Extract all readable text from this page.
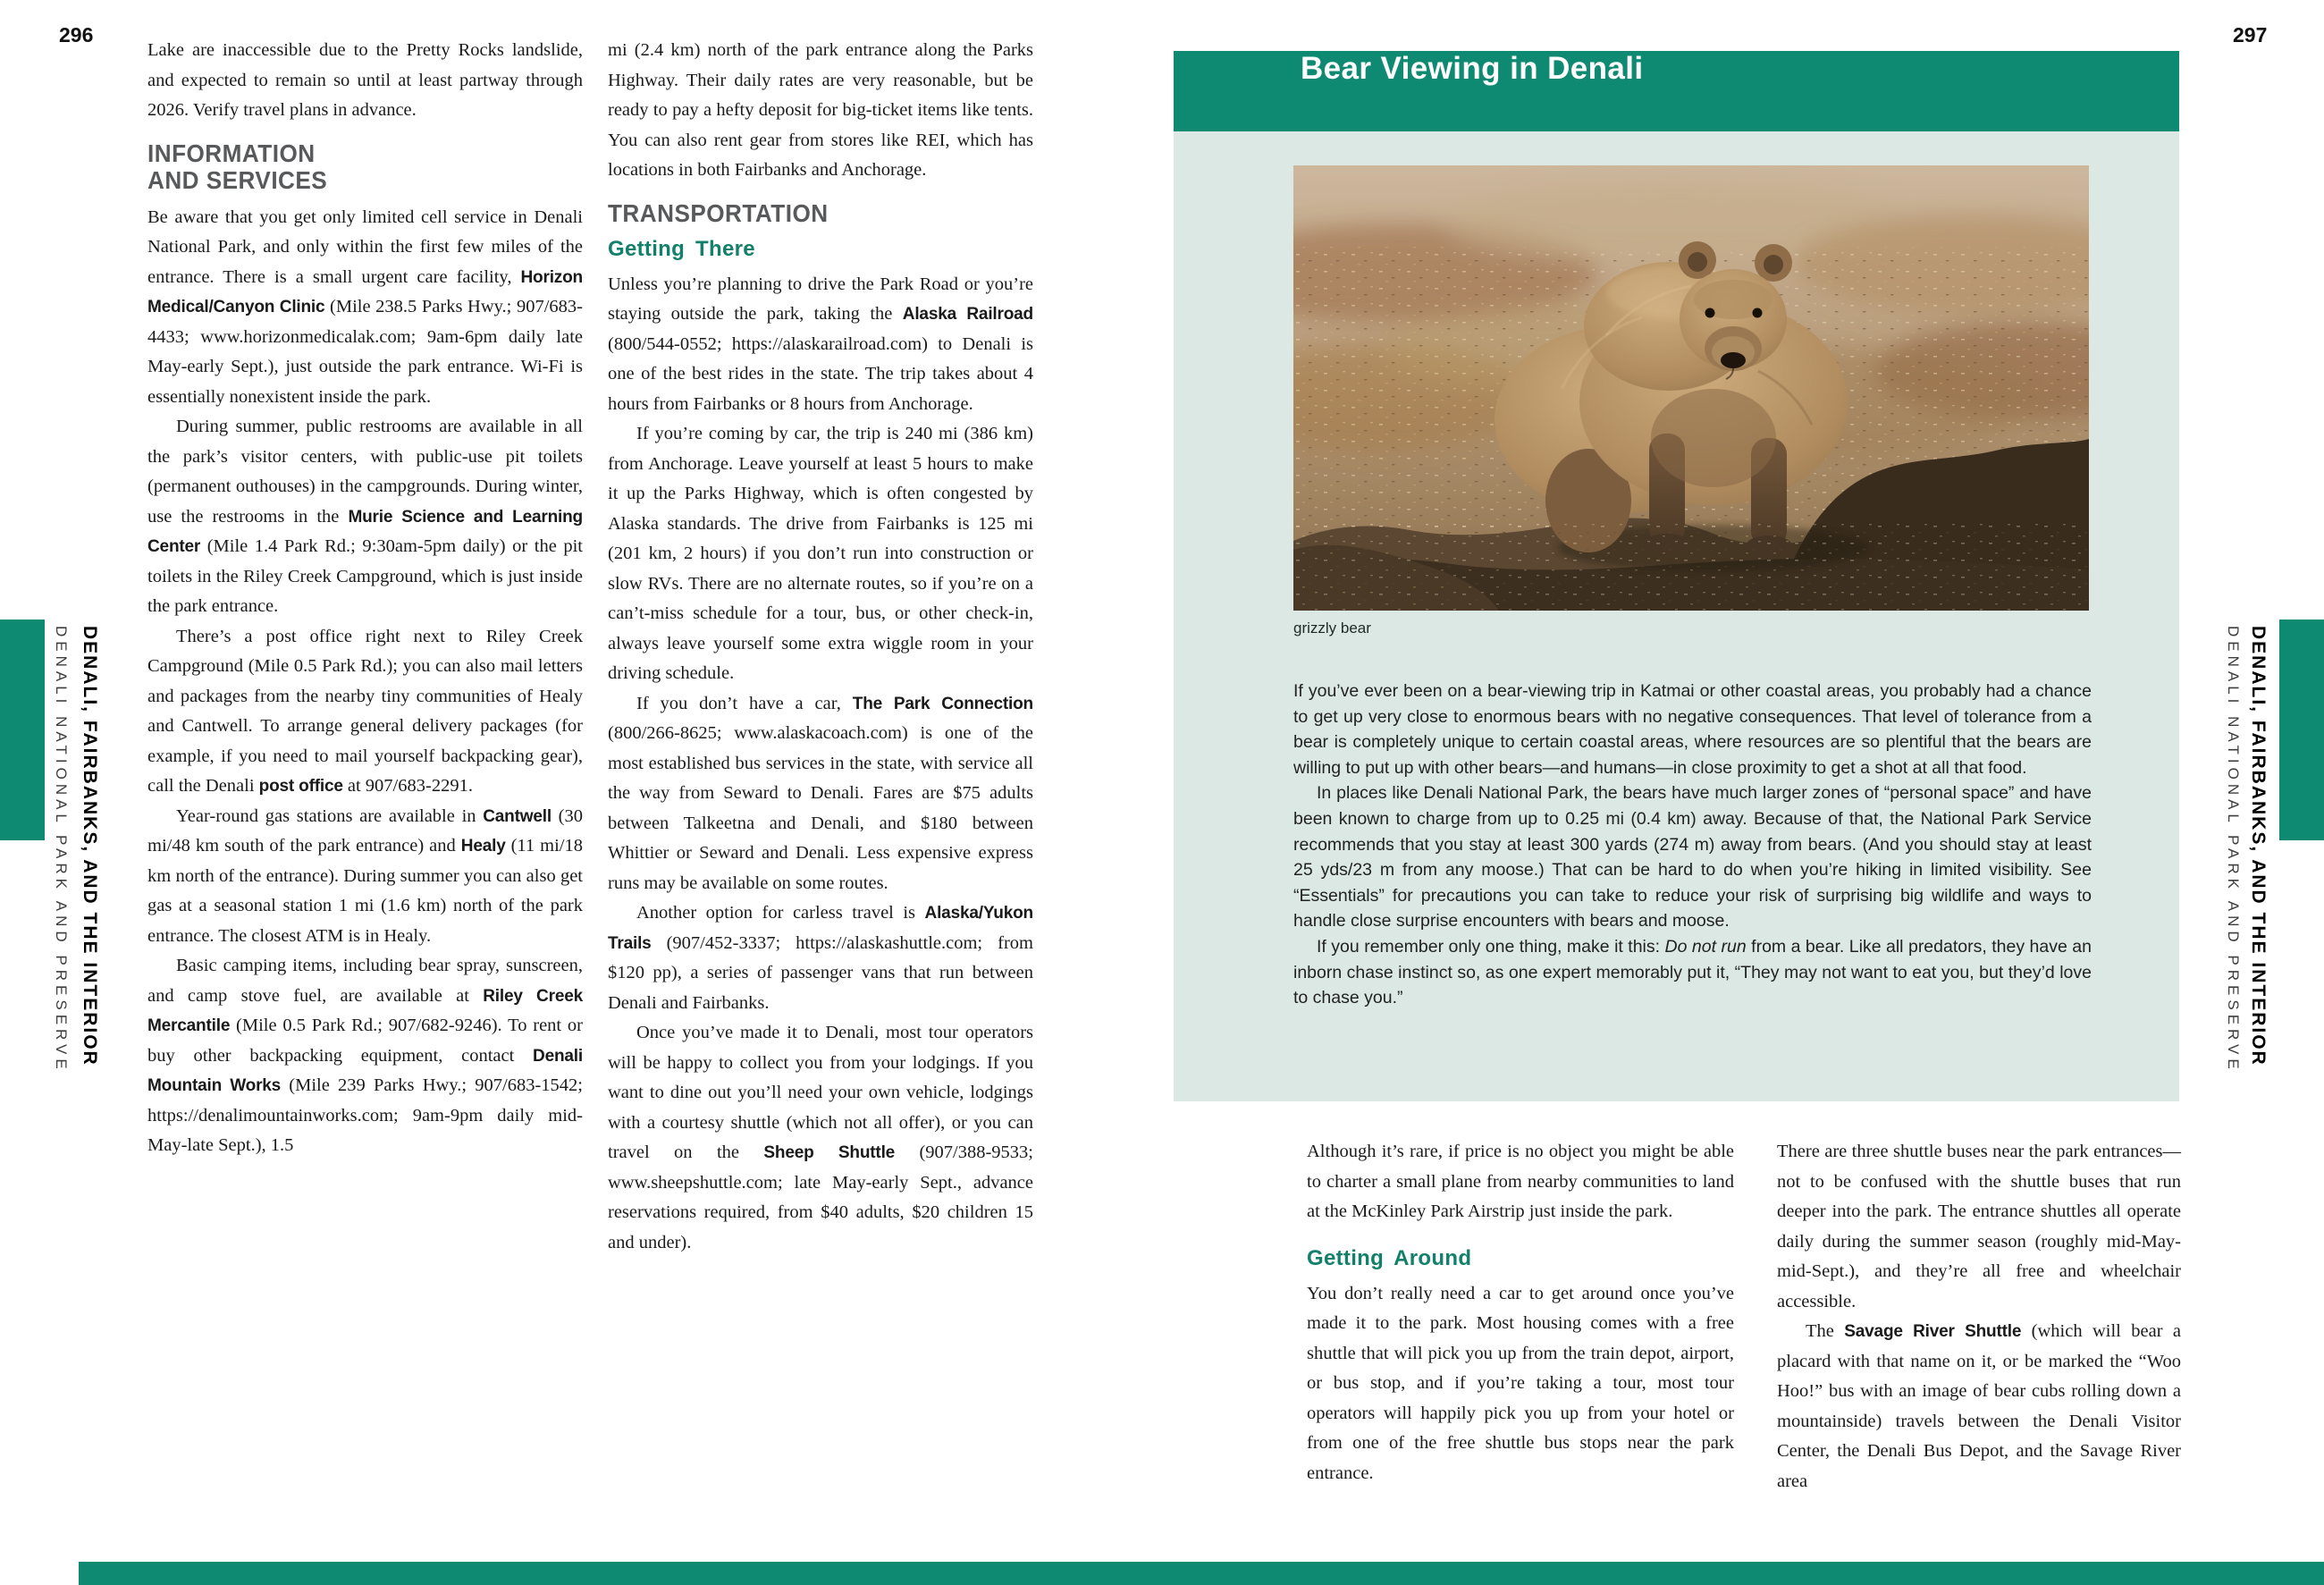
296	297
DENALI NATIONAL PARK AND PRESERVE DENALI, FAIRBANKS, AND THE INTERIOR	DENALI NATIONAL PARK AND PRESERVE DENALI, FAIRBANKS, AND THE INTERIOR

Lake are inaccessible due to the Pretty Rocks landslide, and expected to remain so until at least partway through 2026. Verify travel plans in advance.

INFORMATION
AND SERVICES

Be aware that you get only limited cell service in Denali National Park, and only within the first few miles of the entrance. There is a small urgent care facility, Horizon Medical/Canyon Clinic (Mile 238.5 Parks Hwy.; 907/683-4433; www.horizonmedicalak.com; 9am-6pm daily late May-early Sept.), just outside the park entrance. Wi-Fi is essentially nonexistent inside the park.

During summer, public restrooms are available in all the park’s visitor centers, with public-use pit toilets (permanent outhouses) in the campgrounds. During winter, use the restrooms in the Murie Science and Learning Center (Mile 1.4 Park Rd.; 9:30am-5pm daily) or the pit toilets in the Riley Creek Campground, which is just inside the park entrance.

There’s a post office right next to Riley Creek Campground (Mile 0.5 Park Rd.); you can also mail letters and packages from the nearby tiny communities of Healy and Cantwell. To arrange general delivery packages (for example, if you need to mail yourself backpacking gear), call the Denali post office at 907/683-2291.

Year-round gas stations are available in Cantwell (30 mi/48 km south of the park entrance) and Healy (11 mi/18 km north of the entrance). During summer you can also get gas at a seasonal station 1 mi (1.6 km) north of the park entrance. The closest ATM is in Healy.

Basic camping items, including bear spray, sunscreen, and camp stove fuel, are available at Riley Creek Mercantile (Mile 0.5 Park Rd.; 907/682-9246). To rent or buy other backpacking equipment, contact Denali Mountain Works (Mile 239 Parks Hwy.; 907/683-1542; https://denalimountainworks.com; 9am-9pm daily mid-May-late Sept.), 1.5

mi (2.4 km) north of the park entrance along the Parks Highway. Their daily rates are very reasonable, but be ready to pay a hefty deposit for big-ticket items like tents. You can also rent gear from stores like REI, which has locations in both Fairbanks and Anchorage.

TRANSPORTATION
Getting There

Unless you’re planning to drive the Park Road or you’re staying outside the park, taking the Alaska Railroad (800/544-0552; https://alaskarailroad.com) to Denali is one of the best rides in the state. The trip takes about 4 hours from Fairbanks or 8 hours from Anchorage.

If you’re coming by car, the trip is 240 mi (386 km) from Anchorage. Leave yourself at least 5 hours to make it up the Parks Highway, which is often congested by Alaska standards. The drive from Fairbanks is 125 mi (201 km, 2 hours) if you don’t run into construction or slow RVs. There are no alternate routes, so if you’re on a can’t-miss schedule for a tour, bus, or other check-in, always leave yourself some extra wiggle room in your driving schedule.

If you don’t have a car, The Park Connection (800/266-8625; www.alaskacoach.com) is one of the most established bus services in the state, with service all the way from Seward to Denali. Fares are $75 adults between Talkeetna and Denali, and $180 between Whittier or Seward and Denali. Less expensive express runs may be available on some routes.

Another option for carless travel is Alaska/Yukon Trails (907/452-3337; https://alaskashuttle.com; from $120 pp), a series of passenger vans that run between Denali and Fairbanks.

Once you’ve made it to Denali, most tour operators will be happy to collect you from your lodgings. If you want to dine out you’ll need your own vehicle, lodgings with a courtesy shuttle (which not all offer), or you can travel on the Sheep Shuttle (907/388-9533; www.sheepshuttle.com; late May-early Sept., advance reservations required, from $40 adults, $20 children 15 and under).

Bear Viewing in Denali
grizzly bear

If you’ve ever been on a bear-viewing trip in Katmai or other coastal areas, you probably had a chance to get up very close to enormous bears with no negative consequences. That level of tolerance from a bear is completely unique to certain coastal areas, where resources are so plentiful that the bears are willing to put up with other bears—and humans—in close proximity to get a shot at all that food.

In places like Denali National Park, the bears have much larger zones of “personal space” and have been known to charge from up to 0.25 mi (0.4 km) away. Because of that, the National Park Service recommends that you stay at least 300 yards (274 m) away from bears. (And you should stay at least 25 yds/23 m from any moose.) That can be hard to do when you’re hiking in limited visibility. See “Essentials” for precautions you can take to reduce your risk of surprising big wildlife and ways to handle close surprise encounters with bears and moose.

If you remember only one thing, make it this: Do not run from a bear. Like all predators, they have an inborn chase instinct so, as one expert memorably put it, “They may not want to eat you, but they’d love to chase you.”

Although it’s rare, if price is no object you might be able to charter a small plane from nearby communities to land at the McKinley Park Airstrip just inside the park.

Getting Around

You don’t really need a car to get around once you’ve made it to the park. Most housing comes with a free shuttle that will pick you up from the train depot, airport, or bus stop, and if you’re taking a tour, most tour operators will happily pick you up from your hotel or from one of the free shuttle bus stops near the park entrance.

There are three shuttle buses near the park entrances—not to be confused with the shuttle buses that run deeper into the park. The entrance shuttles all operate daily during the summer season (roughly mid-May-mid-Sept.), and they’re all free and wheelchair accessible.

The Savage River Shuttle (which will bear a placard with that name on it, or be marked the “Woo Hoo!” bus with an image of bear cubs rolling down a mountainside) travels between the Denali Visitor Center, the Denali Bus Depot, and the Savage River area
